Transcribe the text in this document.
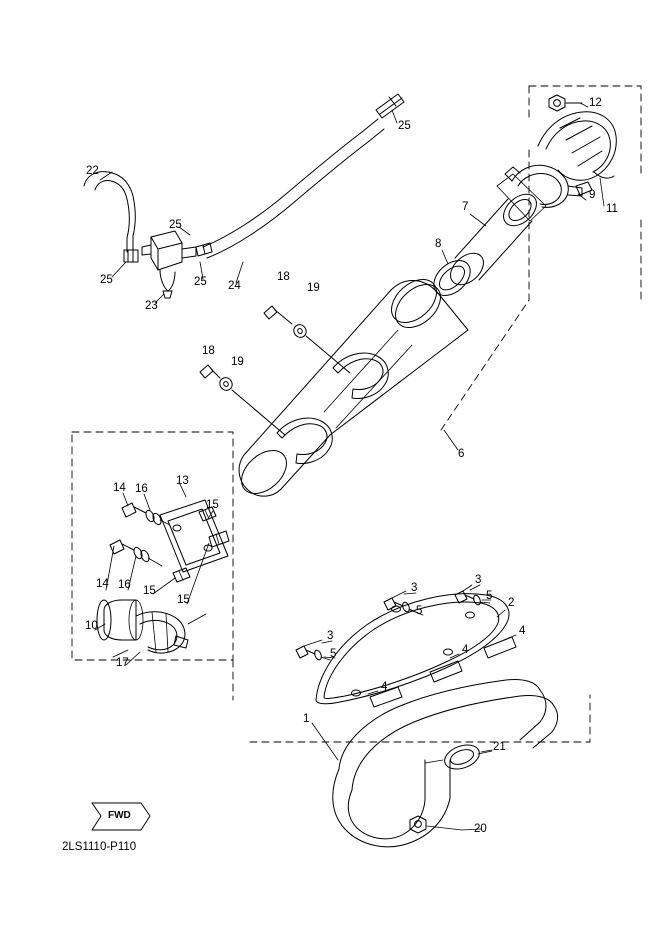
1
2
3
3
3	4
4
4
5
5
5
6
7
8
9
10
11
12
13
14
14
15
15
15
16
16
17
18
18
19
19
20
21
22
23
24
25
25
25	25
FWD
2LS1110-P110
